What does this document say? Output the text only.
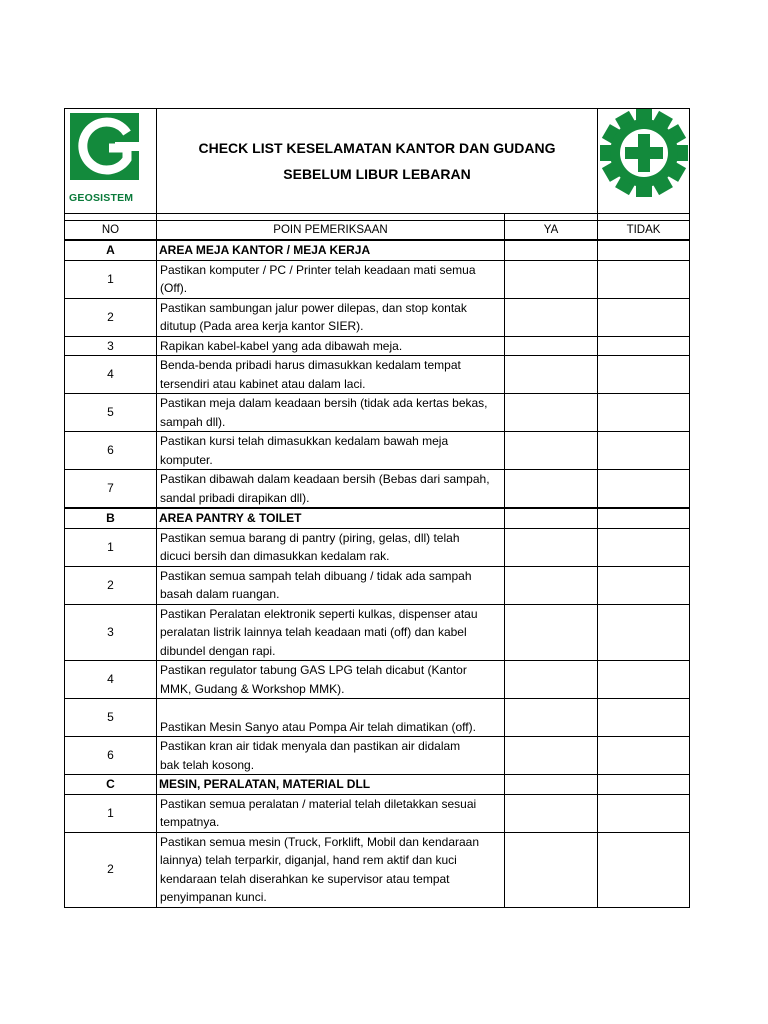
GEOSISTEM	CHECK LIST KESELAMATAN KANTOR DAN GUDANG
SEBELUM LIBUR LEBARAN

NO	POIN PEMERIKSAAN	YA	TIDAK
A	AREA MEJA KANTOR / MEJA KERJA		
1	Pastikan komputer / PC / Printer telah keadaan mati semua
(Off).		

2	Pastikan sambungan jalur power dilepas, dan stop kontak
ditutup (Pada area kerja kantor SIER).		

3	Rapikan kabel-kabel yang ada dibawah meja.		

4	Benda-benda pribadi harus dimasukkan kedalam tempat
tersendiri atau kabinet atau dalam laci.		

5	Pastikan meja dalam keadaan bersih (tidak ada kertas bekas,
sampah dll).		

6	Pastikan kursi telah dimasukkan kedalam bawah meja
komputer.		

7	Pastikan dibawah dalam keadaan bersih (Bebas dari sampah,
sandal pribadi dirapikan dll).		

B	AREA PANTRY & TOILET		
1	Pastikan semua barang di pantry (piring, gelas, dll) telah
dicuci bersih dan dimasukkan kedalam rak.		

2	Pastikan semua sampah telah dibuang / tidak ada sampah
basah dalam ruangan.		

3	Pastikan Peralatan elektronik seperti kulkas, dispenser atau
peralatan listrik lainnya telah keadaan mati (off) dan kabel
dibundel dengan rapi.		

4	Pastikan regulator tabung GAS LPG telah dicabut (Kantor
MMK, Gudang & Workshop MMK).		

5	Pastikan Mesin Sanyo atau Pompa Air telah dimatikan (off).		

6	Pastikan kran air tidak menyala dan pastikan air didalam
bak telah kosong.		

C	MESIN, PERALATAN, MATERIAL DLL		
1	Pastikan semua peralatan / material telah diletakkan sesuai
tempatnya.		

2	Pastikan semua mesin (Truck, Forklift, Mobil dan kendaraan
lainnya) telah terparkir, diganjal, hand rem aktif dan kuci
kendaraan telah diserahkan ke supervisor atau tempat
penyimpanan kunci.		
